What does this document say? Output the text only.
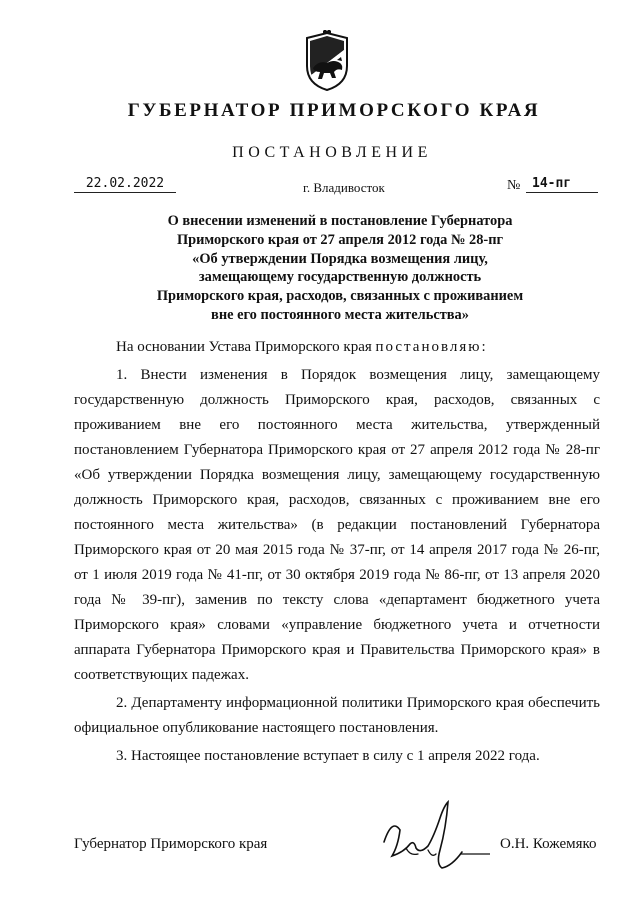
ГУБЕРНАТОР ПРИМОРСКОГО КРАЯ
ПОСТАНОВЛЕНИЕ
22.02.2022	г. Владивосток	№ 14-пг
О внесении изменений в постановление Губернатора
Приморского края от 27 апреля 2012 года № 28-пг
«Об утверждении Порядка возмещения лицу,
замещающему государственную должность
Приморского края, расходов, связанных с проживанием
вне его постоянного места жительства»

На основании Устава Приморского края постановляю:

1. Внести изменения в Порядок возмещения лицу, замещающему государственную должность Приморского края, расходов, связанных с проживанием вне его постоянного места жительства, утвержденный постановлением Губернатора Приморского края от 27 апреля 2012 года № 28-пг «Об утверждении Порядка возмещения лицу, замещающему государственную должность Приморского края, расходов, связанных с проживанием вне его постоянного места жительства» (в редакции постановлений Губернатора Приморского края от 20 мая 2015 года № 37-пг, от 14 апреля 2017 года № 26-пг, от 1 июля 2019 года № 41-пг, от 30 октября 2019 года № 86-пг, от 13 апреля 2020 года № 39-пг), заменив по тексту слова «департамент бюджетного учета Приморского края» словами «управление бюджетного учета и отчетности аппарата Губернатора Приморского края и Правительства Приморского края» в соответствующих падежах.

2. Департаменту информационной политики Приморского края обеспечить официальное опубликование настоящего постановления.

3. Настоящее постановление вступает в силу с 1 апреля 2022 года.

Губернатор Приморского края	О.Н. Кожемяко
